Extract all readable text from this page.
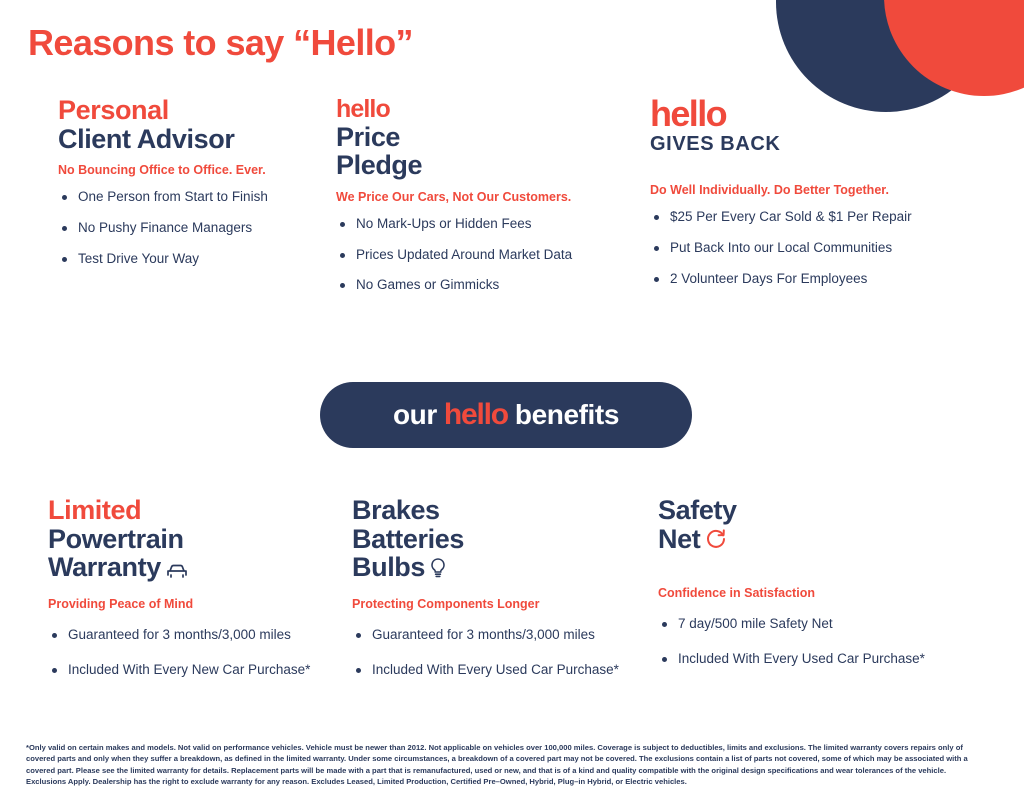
Reasons to say “Hello”
Personal
Client Advisor
No Bouncing Office to Office. Ever.
One Person from Start to Finish
No Pushy Finance Managers
Test Drive Your Way
hello
Price
Pledge
We Price Our Cars, Not Our Customers.
No Mark-Ups or Hidden Fees
Prices Updated Around Market Data
No Games or Gimmicks
hello
GIVES BACK
Do Well Individually. Do Better Together.
$25 Per Every Car Sold & $1 Per Repair
Put Back Into our Local Communities
2 Volunteer Days For Employees
our hello benefits
Limited
Powertrain
Warranty
Providing Peace of Mind
Guaranteed for 3 months/3,000 miles
Included With Every New Car Purchase*
Brakes
Batteries
Bulbs
Protecting Components Longer
Guaranteed for 3 months/3,000 miles
Included With Every Used Car Purchase*
Safety
Net
Confidence in Satisfaction
7 day/500 mile Safety Net
Included With Every Used Car Purchase*
*Only valid on certain makes and models. Not valid on performance vehicles. Vehicle must be newer than 2012. Not applicable on vehicles over 100,000 miles. Coverage is subject to deductibles, limits and exclusions. The limited warranty covers repairs only of
covered parts and only when they suffer a breakdown, as defined in the limited warranty. Under some circumstances, a breakdown of a covered part may not be covered. The exclusions contain a list of parts not covered, some of which may be associated with a
covered part. Please see the limited warranty for details. Replacement parts will be made with a part that is remanufactured, used or new, and that is of a kind and quality compatible with the original design specifications and wear tolerances of the vehicle.
Exclusions Apply. Dealership has the right to exclude warranty for any reason. Excludes Leased, Limited Production, Certified Pre–Owned, Hybrid, Plug–in Hybrid, or Electric vehicles.
